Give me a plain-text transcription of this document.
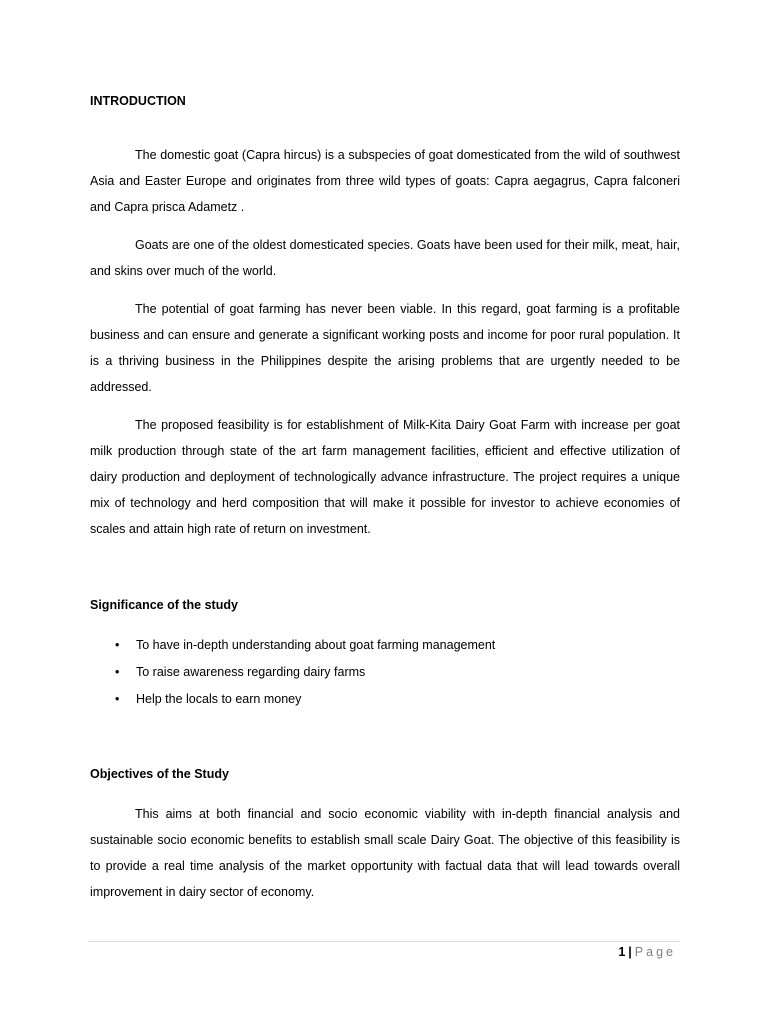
INTRODUCTION

The domestic goat (Capra hircus) is a subspecies of goat domesticated from the wild of southwest Asia and Easter Europe and originates from three wild types of goats: Capra aegagrus, Capra falconeri and Capra prisca Adametz .

Goats are one of the oldest domesticated species. Goats have been used for their milk, meat, hair, and skins over much of the world.

The potential of goat farming has never been viable. In this regard, goat farming is a profitable business and can ensure and generate a significant working posts and income for poor rural population. It is a thriving business in the Philippines despite the arising problems that are urgently needed to be addressed.

The proposed feasibility is for establishment of Milk-Kita Dairy Goat Farm with increase per goat milk production through state of the art farm management facilities, efficient and effective utilization of dairy production and deployment of technologically advance infrastructure. The project requires a unique mix of technology and herd composition that will make it possible for investor to achieve economies of scales and attain high rate of return on investment.

Significance of the study
• To have in-depth understanding about goat farming management
• To raise awareness regarding dairy farms
• Help the locals to earn money
Objectives of the Study

This aims at both financial and socio economic viability with in-depth financial analysis and sustainable socio economic benefits to establish small scale Dairy Goat. The objective of this feasibility is to provide a real time analysis of the market opportunity with factual data that will lead towards overall improvement in dairy sector of economy.

1 | Page
